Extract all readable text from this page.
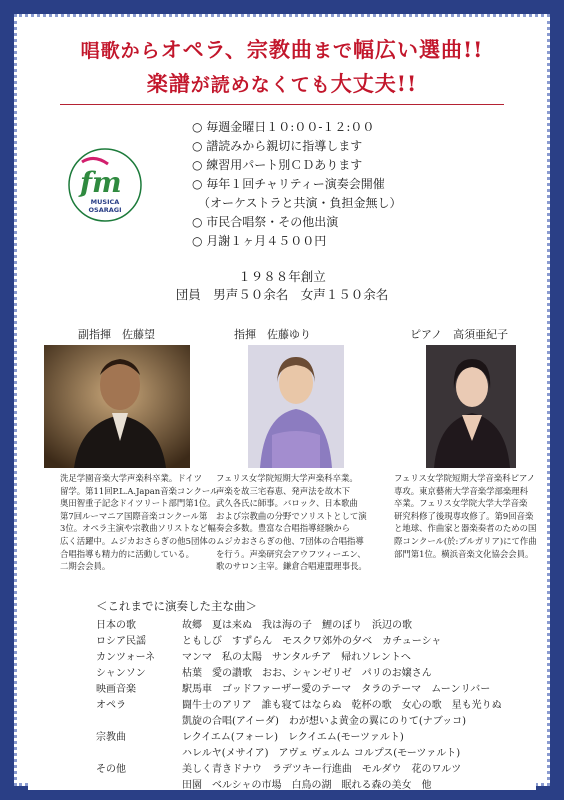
唱歌からオペラ、宗教曲まで幅広い選曲!!
楽譜が読めなくても大丈夫!!
fm
MUSICA
OSARAGI
○ 毎週金曜日１０:００-１２:００
○ 譜読みから親切に指導します
○ 練習用パート別ＣＤあります
○ 毎年１回チャリティー演奏会開催
（オーケストラと共演・負担金無し）
○ 市民合唱祭・その他出演
○ 月謝１ヶ月４５００円
１９８８年創立
団員　男声５０余名　女声１５０余名
副指揮　佐藤望
洗足学園音楽大学声楽科卒業。ドイツ
留学。第11回P.L.A.Japan音楽コンクール
奥田智重子記念ドイツリート部門第1位。
第7回ルーマニア国際音楽コンクール第
3位。オペラ主演や宗教曲ソリストなど幅
広く活躍中。ムジカおさらぎの他5団体の
合唱指導も精力的に活動している。
二期会会員。
指揮　佐藤ゆり
フェリス女学院短期大学声楽科卒業。
声楽を故三宅春恵、発声法を故木下
武久各氏に師事。バロック、日本歌曲
および宗教曲の分野でソリストとして演
奏会多数。豊富な合唱指導経験から
ムジカおさらぎの他、7団体の合唱指導
を行う。声楽研究会アウフツィーエン、
歌のサロン主宰。鎌倉合唱連盟理事長。
ピアノ　高須亜紀子
フェリス女学院短期大学音楽科ピアノ
専攻。東京藝術大学音楽学部楽理科
卒業。フェリス女学院大学大学音楽
研究科修了後現専攻修了。第9回音楽
と地球、作曲家と器楽奏者のための国
際コンクール(於:ブルガリア)にて作曲
部門第1位。横浜音楽文化協会会員。
＜これまでに演奏した主な曲＞
日本の歌	故郷　夏は来ぬ　我は海の子　鯉のぼり　浜辺の歌
ロシア民謡	ともしび　すずらん　モスクワ郊外の夕べ　カチューシャ
カンツォーネ	マンマ　私の太陽　サンタルチア　帰れソレントへ
シャンソン	枯葉　愛の讃歌　おお、シャンゼリゼ　パリのお嬢さん
映画音楽	駅馬車　ゴッドファーザー愛のテーマ　タラのテーマ　ムーンリバー
オペラ	闘牛士のアリア　誰も寝てはならぬ　乾杯の歌　女心の歌　星も光りぬ
凱旋の合唱(アイーダ)　わが想いよ黄金の翼にのりて(ナブッコ)
宗教曲	レクイエム(フォーレ)　レクイエム(モーツァルト)
ハレルヤ(メサイア)　アヴェ ヴェルム コルプス(モーツァルト)
その他	美しく青きドナウ　ラデツキー行進曲　モルダウ　花のワルツ
田園　ベルシャの市場　白鳥の湖　眠れる森の美女　他
